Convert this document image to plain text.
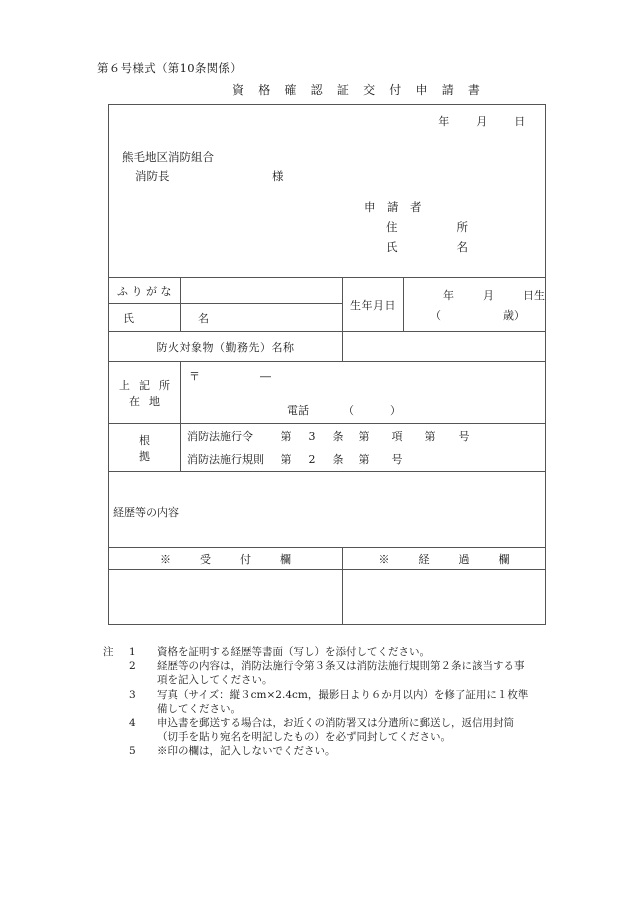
第６号様式（第10条関係）
資 格 確 認 証 交 付 申 請 書
年 月 日
熊毛地区消防組合
消防長	様
申　請　者
住　　所
氏　　名

ふりがな		生年月日	年 月 日生
（ 歳）

氏　　名			
防火対象物（勤務先）名称			
上記所在地	〒 ―
電話 （ ）		

根拠	消防法施行令 第 3 条 第 項 第 号
消防法施行規則 第 2 条 第 号		

経歴等の内容			

※　受　付　欄		※　経　過　欄	

注	1	資格を証明する経歴等書面（写し）を添付してください。
2	経歴等の内容は，消防法施行令第３条又は消防法施行規則第２条に該当する事
項を記入してください。
3	写真（サイズ：縦３cm×2.4cm，撮影日より６か月以内）を修了証用に１枚準
備してください。
4	申込書を郵送する場合は，お近くの消防署又は分遣所に郵送し，返信用封筒
（切手を貼り宛名を明記したもの）を必ず同封してください。
5	※印の欄は，記入しないでください。
